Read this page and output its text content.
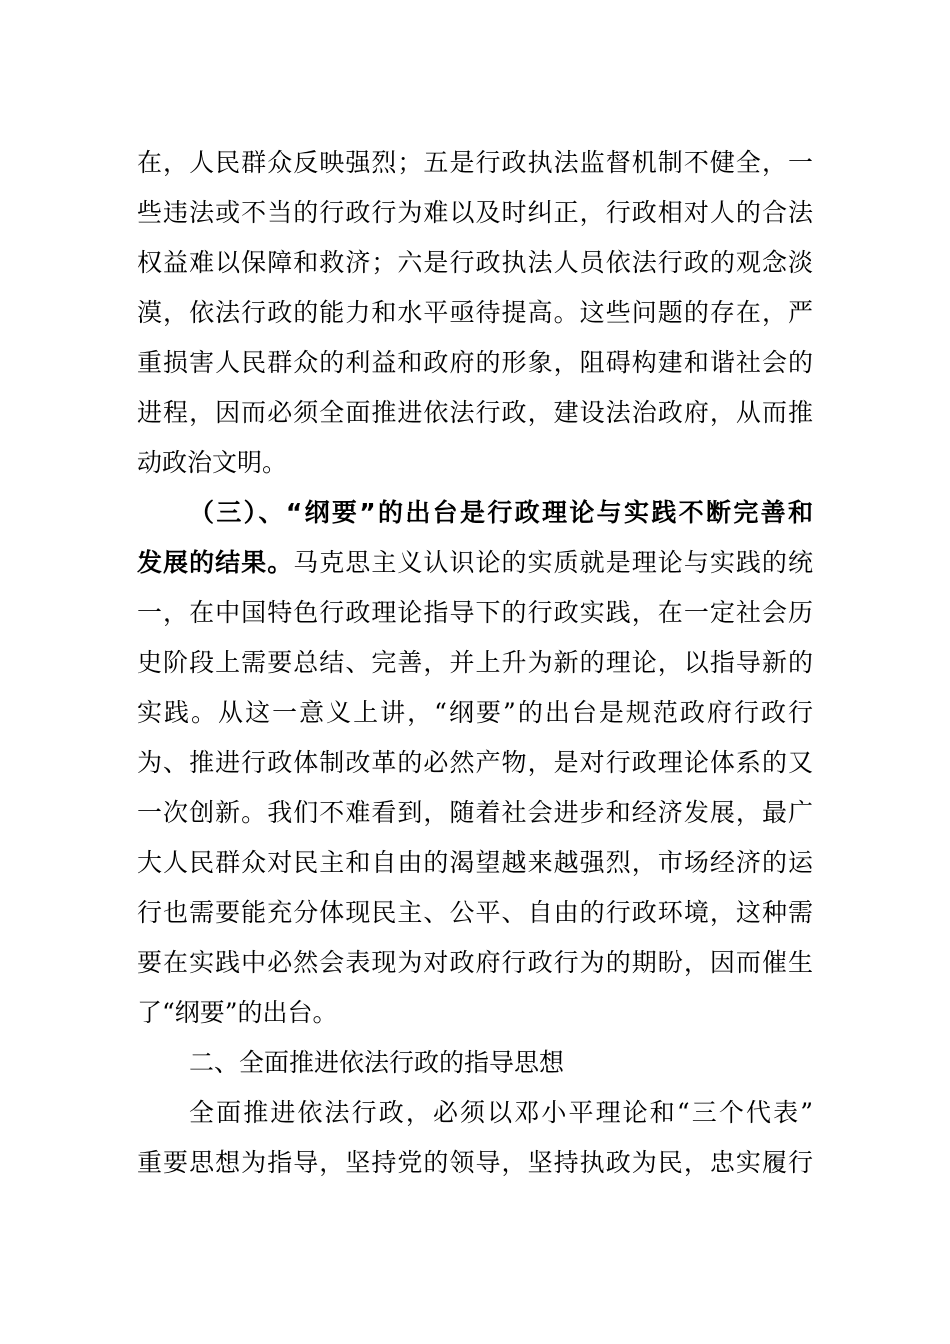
在，人民群众反映强烈；五是行政执法监督机制不健全，一
些违法或不当的行政行为难以及时纠正，行政相对人的合法
权益难以保障和救济；六是行政执法人员依法行政的观念淡
漠，依法行政的能力和水平亟待提高。这些问题的存在，严
重损害人民群众的利益和政府的形象，阻碍构建和谐社会的
进程，因而必须全面推进依法行政，建设法治政府，从而推
动政治文明。
（三）、“纲要”的出台是行政理论与实践不断完善和
发展的结果。马克思主义认识论的实质就是理论与实践的统
一，在中国特色行政理论指导下的行政实践，在一定社会历
史阶段上需要总结、完善，并上升为新的理论，以指导新的
实践。从这一意义上讲，“纲要”的出台是规范政府行政行
为、推进行政体制改革的必然产物，是对行政理论体系的又
一次创新。我们不难看到，随着社会进步和经济发展，最广
大人民群众对民主和自由的渴望越来越强烈，市场经济的运
行也需要能充分体现民主、公平、自由的行政环境，这种需
要在实践中必然会表现为对政府行政行为的期盼，因而催生
了“纲要”的出台。
二、全面推进依法行政的指导思想
全面推进依法行政，必须以邓小平理论和“三个代表”
重要思想为指导，坚持党的领导，坚持执政为民，忠实履行
